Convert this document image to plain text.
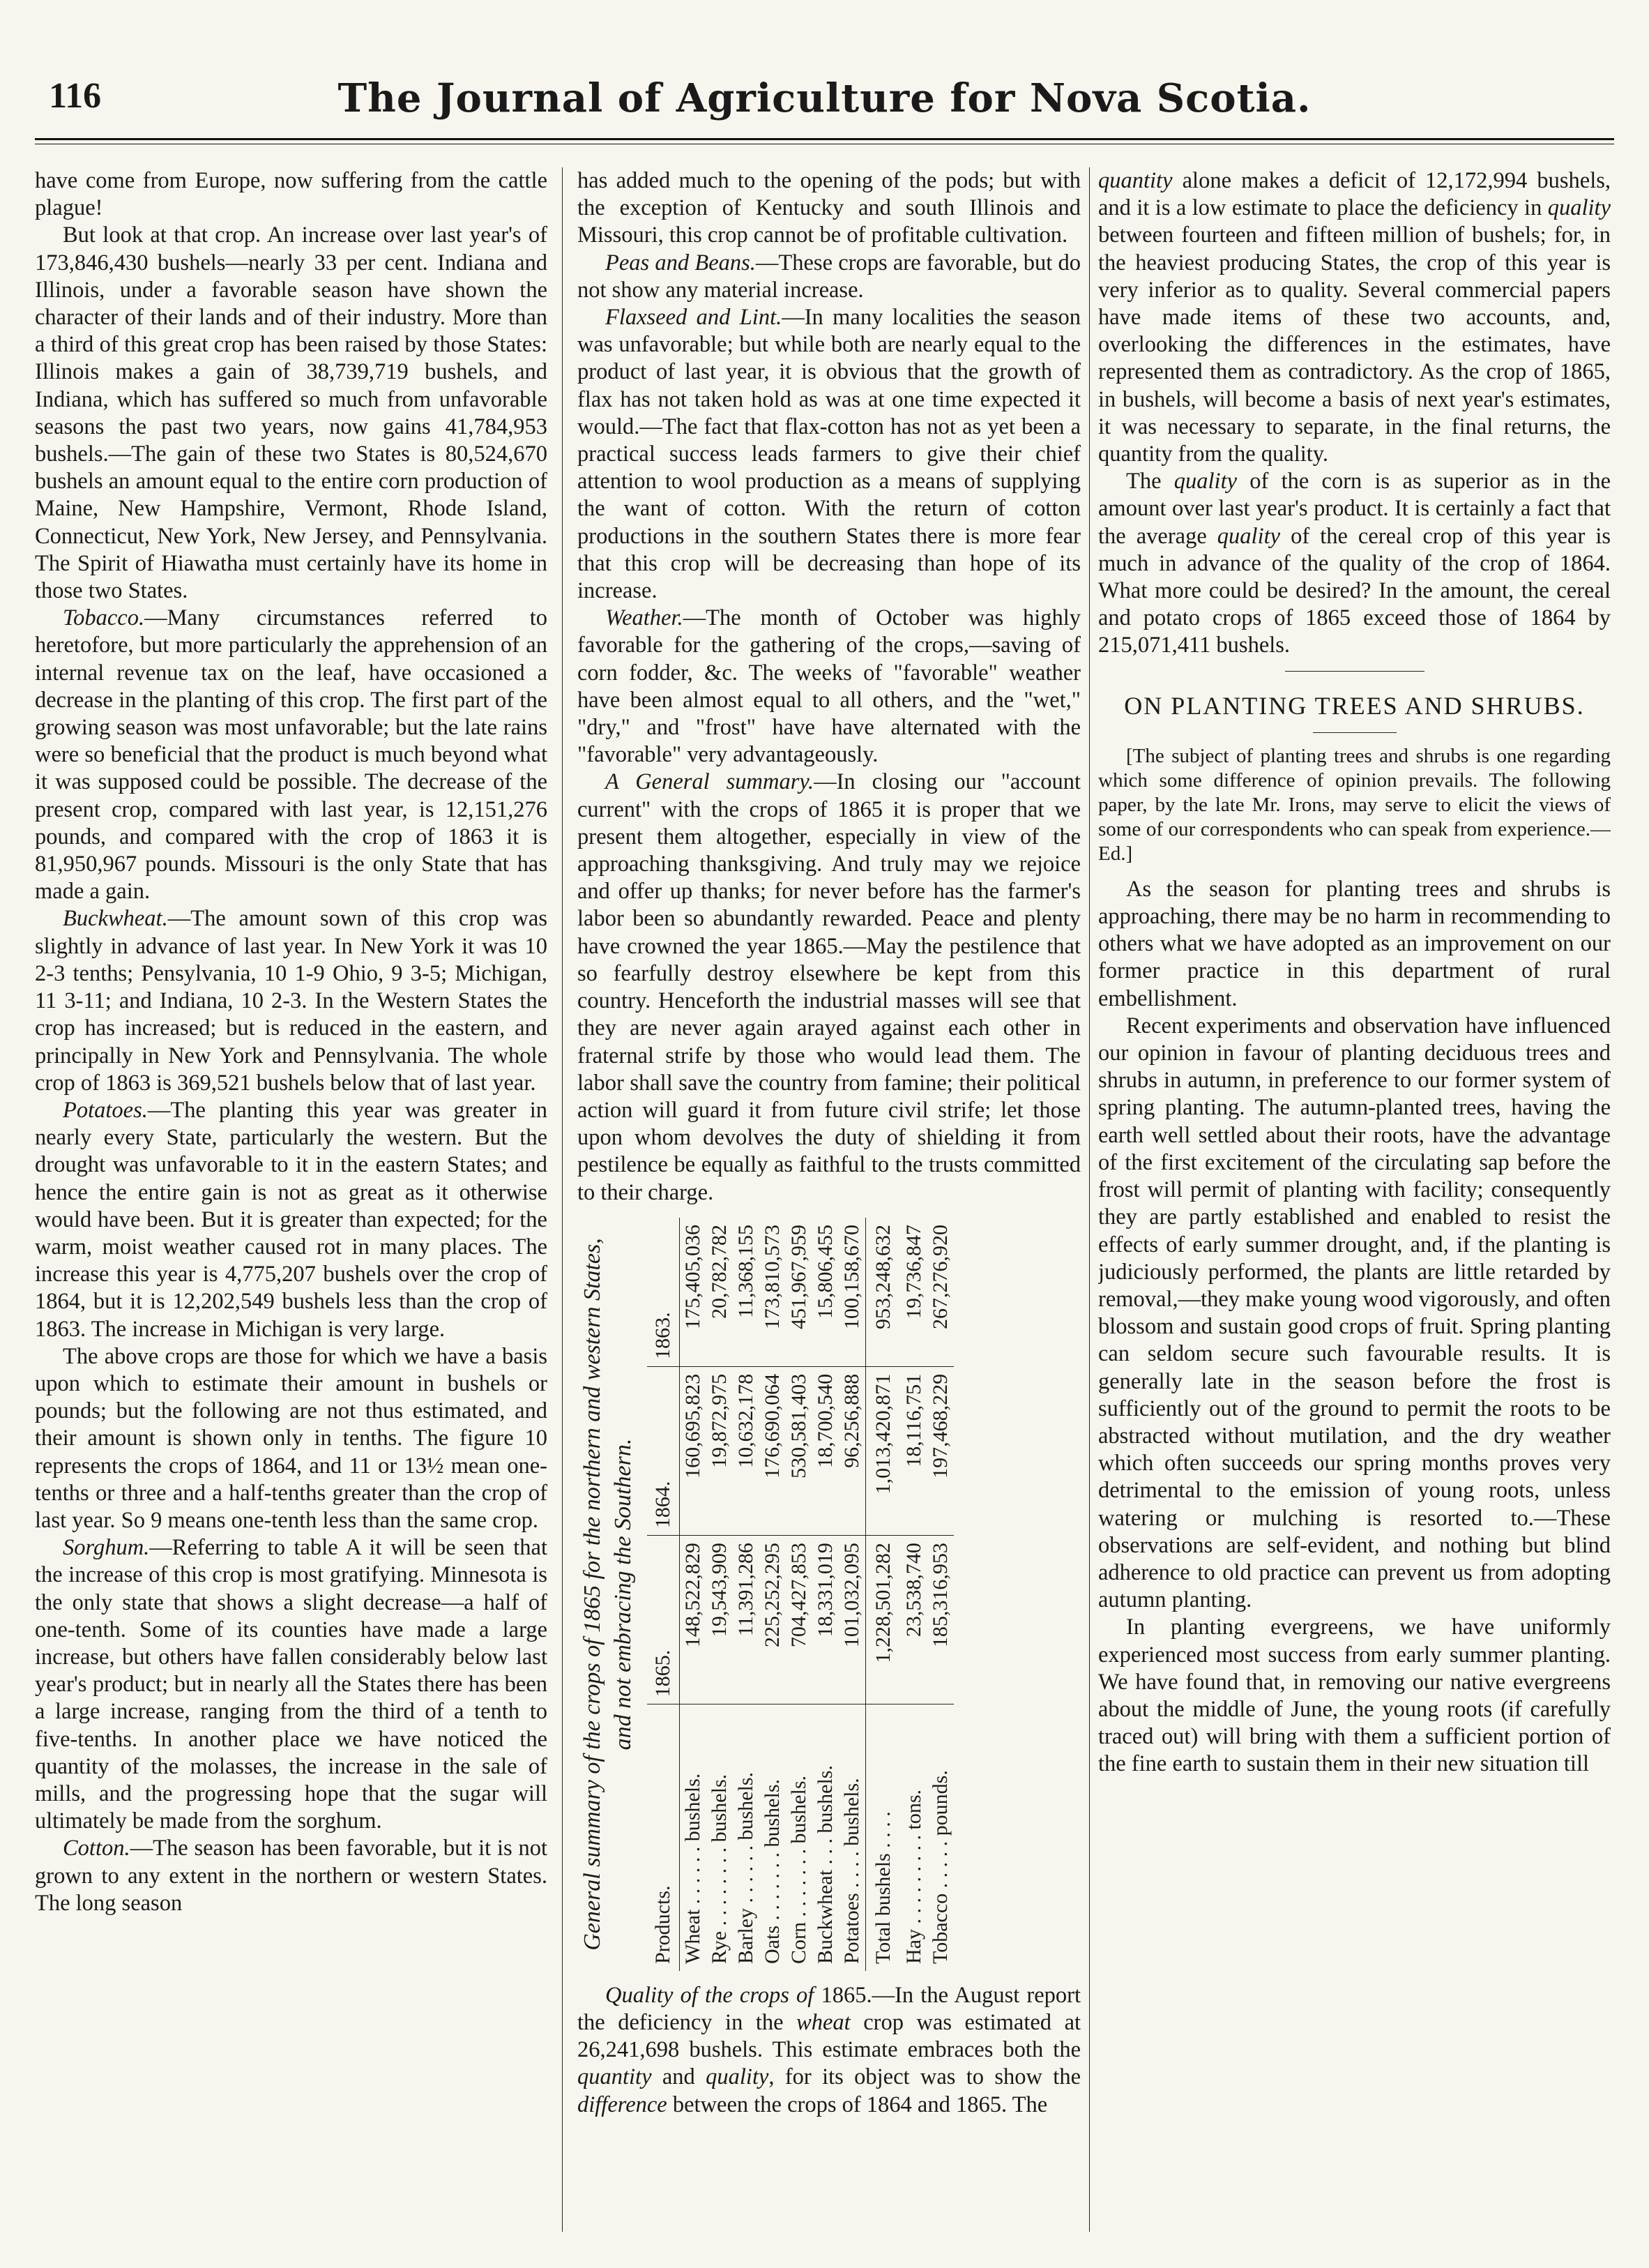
116	The Journal of Agriculture for Nova Scotia.

have come from Europe, now suffering from the cattle plague!

But look at that crop. An increase over last year's of 173,846,430 bushels—nearly 33 per cent. Indiana and Illinois, under a favorable season have shown the character of their lands and of their industry. More than a third of this great crop has been raised by those States: Illinois makes a gain of 38,739,719 bushels, and Indiana, which has suffered so much from unfavorable seasons the past two years, now gains 41,784,953 bushels.—The gain of these two States is 80,524,670 bushels an amount equal to the entire corn production of Maine, New Hampshire, Vermont, Rhode Island, Connecticut, New York, New Jersey, and Pennsylvania. The Spirit of Hiawatha must certainly have its home in those two States.

Tobacco.—Many circumstances referred to heretofore, but more particularly the apprehension of an internal revenue tax on the leaf, have occasioned a decrease in the planting of this crop. The first part of the growing season was most unfavorable; but the late rains were so beneficial that the product is much beyond what it was supposed could be possible. The decrease of the present crop, compared with last year, is 12,151,276 pounds, and compared with the crop of 1863 it is 81,950,967 pounds. Missouri is the only State that has made a gain.

Buckwheat.—The amount sown of this crop was slightly in advance of last year. In New York it was 10 2-3 tenths; Pensylvania, 10 1-9 Ohio, 9 3-5; Michigan, 11 3-11; and Indiana, 10 2-3. In the Western States the crop has increased; but is reduced in the eastern, and principally in New York and Pennsylvania. The whole crop of 1863 is 369,521 bushels below that of last year.

Potatoes.—The planting this year was greater in nearly every State, particularly the western. But the drought was unfavorable to it in the eastern States; and hence the entire gain is not as great as it otherwise would have been. But it is greater than expected; for the warm, moist weather caused rot in many places. The increase this year is 4,775,207 bushels over the crop of 1864, but it is 12,202,549 bushels less than the crop of 1863. The increase in Michigan is very large.

The above crops are those for which we have a basis upon which to estimate their amount in bushels or pounds; but the following are not thus estimated, and their amount is shown only in tenths. The figure 10 represents the crops of 1864, and 11 or 13½ mean one-tenths or three and a half-tenths greater than the crop of last year. So 9 means one-tenth less than the same crop.

Sorghum.—Referring to table A it will be seen that the increase of this crop is most gratifying. Minnesota is the only state that shows a slight decrease—a half of one-tenth. Some of its counties have made a large increase, but others have fallen considerably below last year's product; but in nearly all the States there has been a large increase, ranging from the third of a tenth to five-tenths. In another place we have noticed the quantity of the molasses, the increase in the sale of mills, and the progressing hope that the sugar will ultimately be made from the sorghum.

Cotton.—The season has been favorable, but it is not grown to any extent in the northern or western States. The long season

has added much to the opening of the pods; but with the exception of Kentucky and south Illinois and Missouri, this crop cannot be of profitable cultivation.

Peas and Beans.—These crops are favorable, but do not show any material increase.

Flaxseed and Lint.—In many localities the season was unfavorable; but while both are nearly equal to the product of last year, it is obvious that the growth of flax has not taken hold as was at one time expected it would.—The fact that flax-cotton has not as yet been a practical success leads farmers to give their chief attention to wool production as a means of supplying the want of cotton. With the return of cotton productions in the southern States there is more fear that this crop will be decreasing than hope of its increase.

Weather.—The month of October was highly favorable for the gathering of the crops,—saving of corn fodder, &c. The weeks of "favorable" weather have been almost equal to all others, and the "wet," "dry," and "frost" have have alternated with the "favorable" very advantageously.

A General summary.—In closing our "account current" with the crops of 1865 it is proper that we present them altogether, especially in view of the approaching thanksgiving. And truly may we rejoice and offer up thanks; for never before has the farmer's labor been so abundantly rewarded. Peace and plenty have crowned the year 1865.—May the pestilence that so fearfully destroy elsewhere be kept from this country. Henceforth the industrial masses will see that they are never again arayed against each other in fraternal strife by those who would lead them. The labor shall save the country from famine; their political action will guard it from future civil strife; let those upon whom devolves the duty of shielding it from pestilence be equally as faithful to the trusts committed to their charge.

General summary of the crops of 1865 for the northern and western States, and not embracing the Southern.
Products.	1865.	1864.	1863.
Wheat . . . . . . bushels.	148,522,829	160,695,823	175,405,036
Rye . . . . . . . . bushels.	19,543,909	19,872,975	20,782,782
Barley . . . . . . bushels.	11,391,286	10,632,178	11,368,155
Oats . . . . . . . bushels.	225,252,295	176,690,064	173,810,573
Corn . . . . . . . bushels.	704,427,853	530,581,403	451,967,959
Buckwheat . . . bushels.	18,331,019	18,700,540	15,806,455
Potatoes . . . . bushels.	101,032,095	96,256,888	100,158,670
Total bushels . . . .	1,228,501,282	1,013,420,871	953,248,632
Hay . . . . . . . . . tons.	23,538,740	18,116,751	19,736,847
Tobacco . . . . . pounds.	185,316,953	197,468,229	267,276,920

Quality of the crops of 1865.—In the August report the deficiency in the wheat crop was estimated at 26,241,698 bushels. This estimate embraces both the quantity and quality, for its object was to show the difference between the crops of 1864 and 1865. The

quantity alone makes a deficit of 12,172,994 bushels, and it is a low estimate to place the deficiency in quality between fourteen and fifteen million of bushels; for, in the heaviest producing States, the crop of this year is very inferior as to quality. Several commercial papers have made items of these two accounts, and, overlooking the differences in the estimates, have represented them as contradictory. As the crop of 1865, in bushels, will become a basis of next year's estimates, it was necessary to separate, in the final returns, the quantity from the quality.

The quality of the corn is as superior as in the amount over last year's product. It is certainly a fact that the average quality of the cereal crop of this year is much in advance of the quality of the crop of 1864. What more could be desired? In the amount, the cereal and potato crops of 1865 exceed those of 1864 by 215,071,411 bushels.

ON PLANTING TREES AND SHRUBS.

[The subject of planting trees and shrubs is one regarding which some difference of opinion prevails. The following paper, by the late Mr. Irons, may serve to elicit the views of some of our correspondents who can speak from experience.—Ed.]

As the season for planting trees and shrubs is approaching, there may be no harm in recommending to others what we have adopted as an improvement on our former practice in this department of rural embellishment.

Recent experiments and observation have influenced our opinion in favour of planting deciduous trees and shrubs in autumn, in preference to our former system of spring planting. The autumn-planted trees, having the earth well settled about their roots, have the advantage of the first excitement of the circulating sap before the frost will permit of planting with facility; consequently they are partly established and enabled to resist the effects of early summer drought, and, if the planting is judiciously performed, the plants are little retarded by removal,—they make young wood vigorously, and often blossom and sustain good crops of fruit. Spring planting can seldom secure such favourable results. It is generally late in the season before the frost is sufficiently out of the ground to permit the roots to be abstracted without mutilation, and the dry weather which often succeeds our spring months proves very detrimental to the emission of young roots, unless watering or mulching is resorted to.—These observations are self-evident, and nothing but blind adherence to old practice can prevent us from adopting autumn planting.

In planting evergreens, we have uniformly experienced most success from early summer planting. We have found that, in removing our native evergreens about the middle of June, the young roots (if carefully traced out) will bring with them a sufficient portion of the fine earth to sustain them in their new situation till
